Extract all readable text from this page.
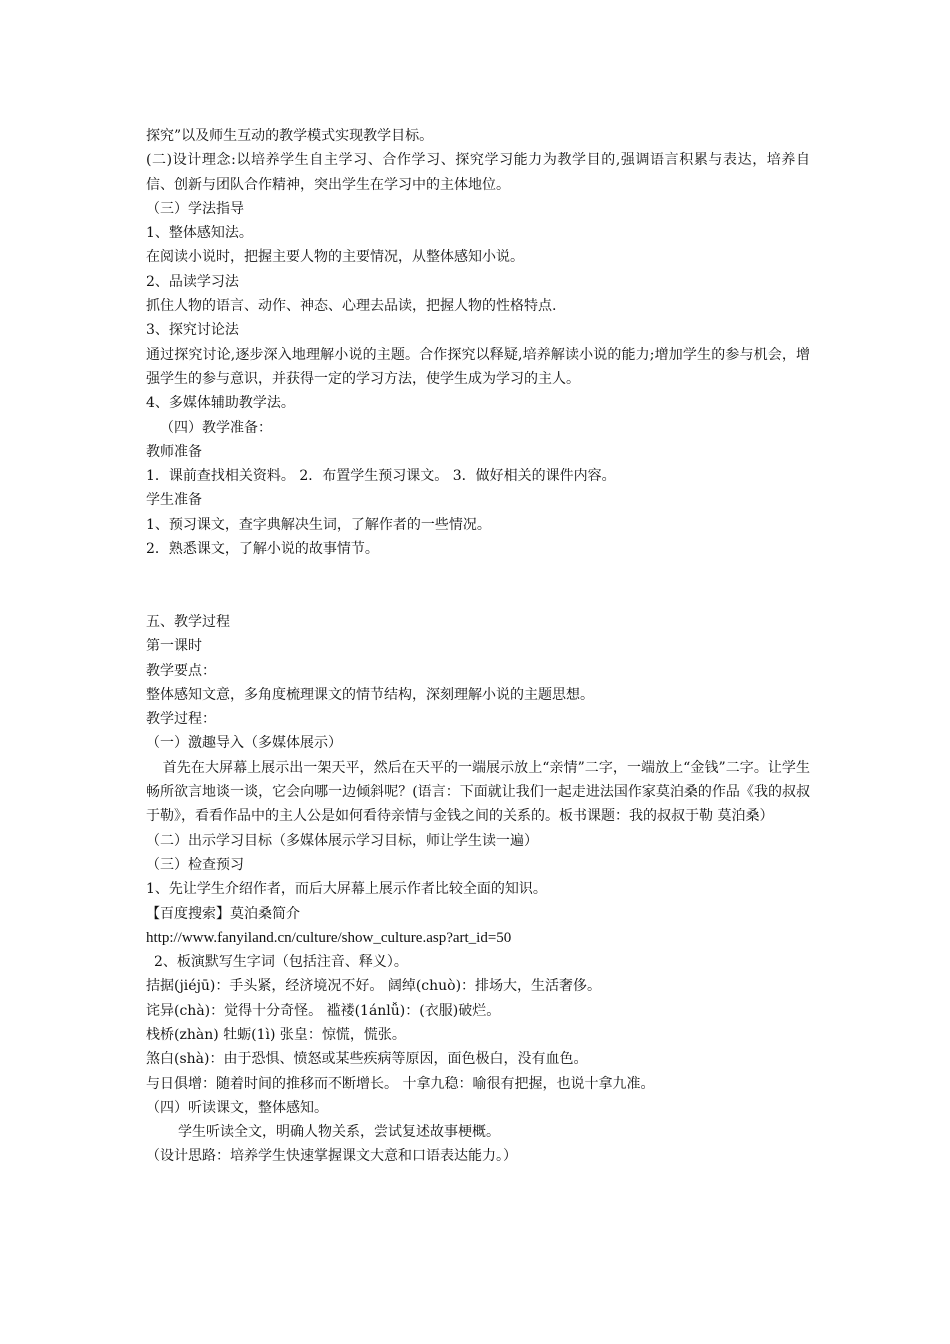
探究”以及师生互动的教学模式实现教学目标。

(二)设计理念:以培养学生自主学习、合作学习、探究学习能力为教学目的,强调语言积累与表达，培养自信、创新与团队合作精神，突出学生在学习中的主体地位。

（三）学法指导

1、整体感知法。

在阅读小说时，把握主要人物的主要情况，从整体感知小说。

2、品读学习法

抓住人物的语言、动作、神态、心理去品读，把握人物的性格特点.

3、探究讨论法

通过探究讨论,逐步深入地理解小说的主题。合作探究以释疑,培养解读小说的能力;增加学生的参与机会，增强学生的参与意识，并获得一定的学习方法，使学生成为学习的主人。

4、多媒体辅助教学法。

（四）教学准备：

教师准备

1．课前查找相关资料。 2．布置学生预习课文。 3．做好相关的课件内容。

学生准备

1、预习课文，查字典解决生词，了解作者的一些情况。

2．熟悉课文，了解小说的故事情节。

五、教学过程

第一课时

教学要点：

整体感知文意，多角度梳理课文的情节结构，深刻理解小说的主题思想。

教学过程：

（一）激趣导入（多媒体展示）

首先在大屏幕上展示出一架天平，然后在天平的一端展示放上“亲情”二字，一端放上“金钱”二字。让学生畅所欲言地谈一谈，它会向哪一边倾斜呢？(语言：下面就让我们一起走进法国作家莫泊桑的作品《我的叔叔于勒》，看看作品中的主人公是如何看待亲情与金钱之间的关系的。板书课题：我的叔叔于勒 莫泊桑）

（二）出示学习目标（多媒体展示学习目标，师让学生读一遍）

（三）检查预习

1、先让学生介绍作者，而后大屏幕上展示作者比较全面的知识。

【百度搜索】莫泊桑简介

http://www.fanyiland.cn/culture/show_culture.asp?art_id=50

2、板演默写生字词（包括注音、释义）。

拮据(jiéjū)：手头紧，经济境况不好。 阔绰(chuò)：排场大，生活奢侈。

诧异(chà)：觉得十分奇怪。 褴褛(1ánlǚ)：(衣服)破烂。

栈桥(zhàn) 牡蛎(1ì) 张皇：惊慌，慌张。

煞白(shà)：由于恐惧、愤怒或某些疾病等原因，面色极白，没有血色。

与日俱增：随着时间的推移而不断增长。 十拿九稳：喻很有把握，也说十拿九准。

（四）听读课文，整体感知。

学生听读全文，明确人物关系，尝试复述故事梗概。

（设计思路：培养学生快速掌握课文大意和口语表达能力。）
